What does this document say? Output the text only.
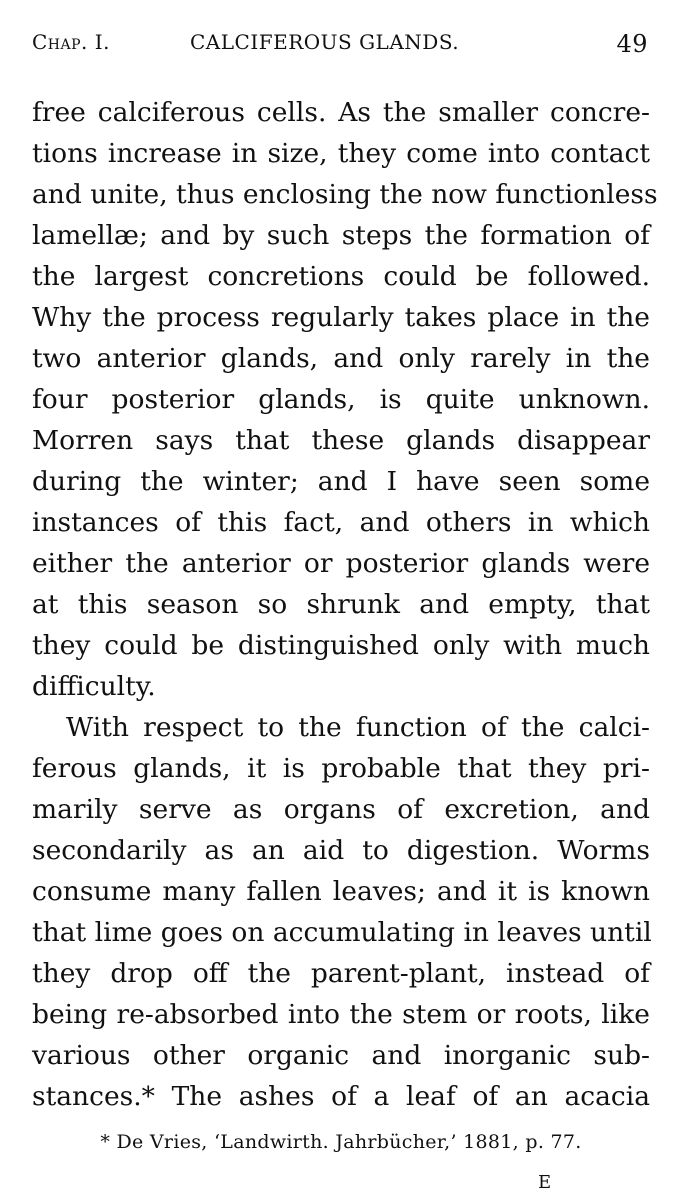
Chap. I.	CALCIFEROUS GLANDS.	49
free calciferous cells. As the smaller concre-
tions increase in size, they come into contact
and unite, thus enclosing the now functionless
lamellæ; and by such steps the formation of
the largest concretions could be followed.
Why the process regularly takes place in the
two anterior glands, and only rarely in the
four posterior glands, is quite unknown.
Morren says that these glands disappear
during the winter; and I have seen some
instances of this fact, and others in which
either the anterior or posterior glands were
at this season so shrunk and empty, that
they could be distinguished only with much
difficulty.
With respect to the function of the calci-
ferous glands, it is probable that they pri-
marily serve as organs of excretion, and
secondarily as an aid to digestion. Worms
consume many fallen leaves; and it is known
that lime goes on accumulating in leaves until
they drop off the parent-plant, instead of
being re-absorbed into the stem or roots, like
various other organic and inorganic sub-
stances.* The ashes of a leaf of an acacia
* De Vries, ‘Landwirth. Jahrbücher,’ 1881, p. 77.
E
